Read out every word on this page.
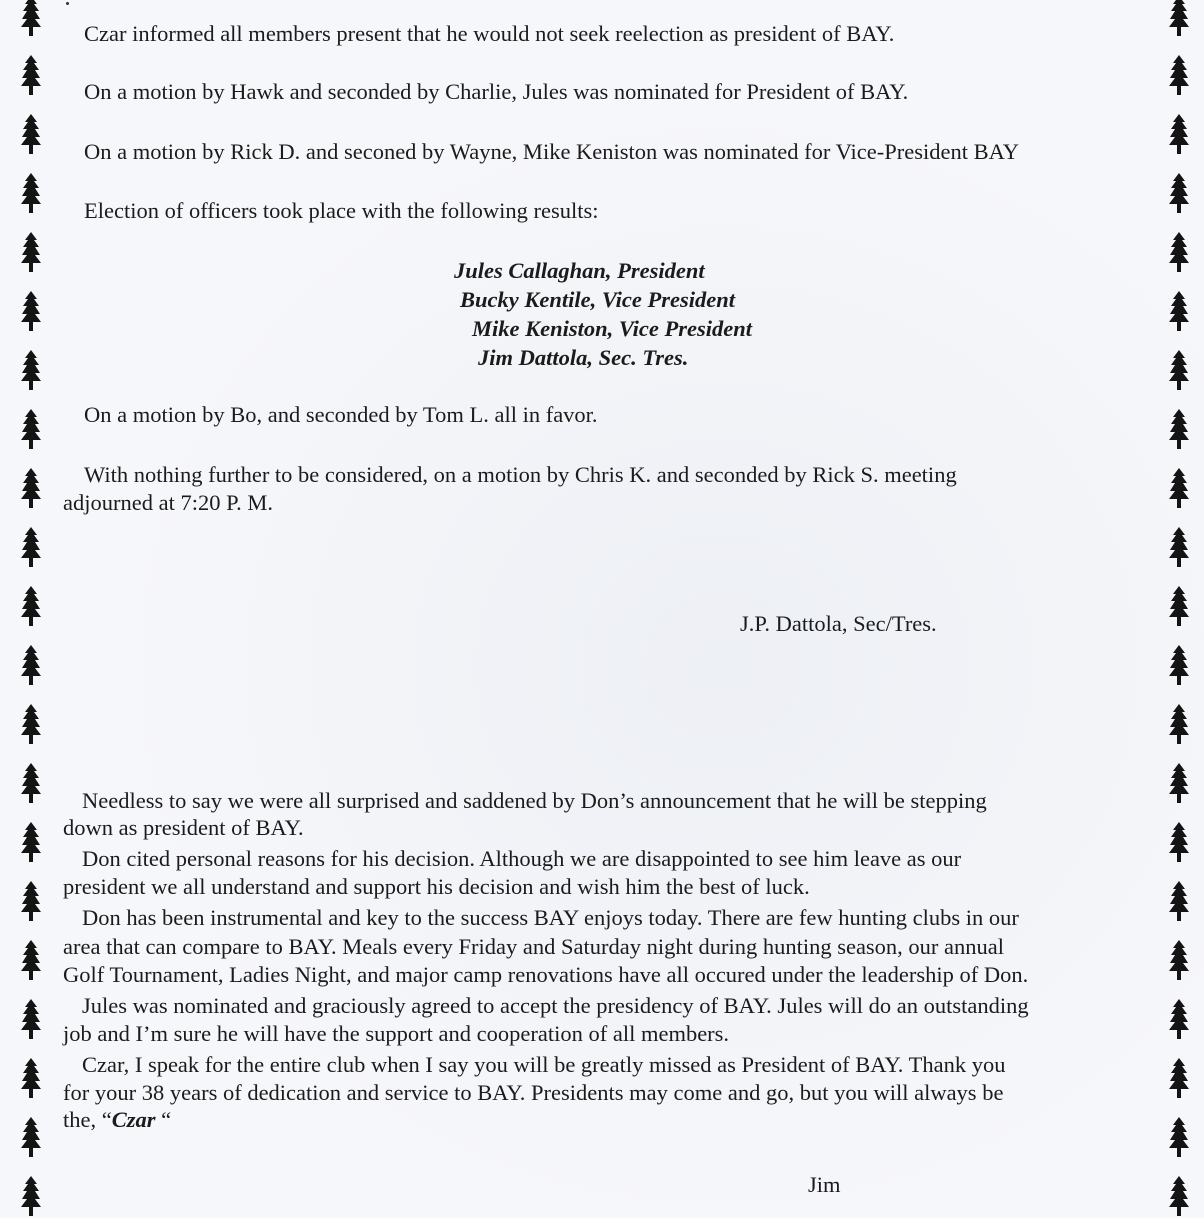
Czar informed all members present that he would not seek reelection as president of BAY.
On a motion by Hawk and seconded by Charlie, Jules was nominated for President of BAY.
On a motion by Rick D. and seconed by Wayne, Mike Keniston was nominated for Vice-President BAY
Election of officers took place with the following results:
Jules Callaghan, President
Bucky Kentile, Vice President
Mike Keniston, Vice President
Jim Dattola, Sec. Tres.
On a motion by Bo, and seconded by Tom L. all in favor.
With nothing further to be considered, on a motion by Chris K. and seconded by Rick S. meeting
adjourned at 7:20 P. M.
J.P. Dattola, Sec/Tres.
Needless to say we were all surprised and saddened by Don’s announcement that he will be stepping
down as president of BAY.
Don cited personal reasons for his decision. Although we are disappointed to see him leave as our
president we all understand and support his decision and wish him the best of luck.
Don has been instrumental and key to the success BAY enjoys today. There are few hunting clubs in our
area that can compare to BAY. Meals every Friday and Saturday night during hunting season, our annual
Golf Tournament, Ladies Night, and major camp renovations have all occured under the leadership of Don.
Jules was nominated and graciously agreed to accept the presidency of BAY. Jules will do an outstanding
job and I’m sure he will have the support and cooperation of all members.
Czar, I speak for the entire club when I say you will be greatly missed as President of BAY. Thank you
for your 38 years of dedication and service to BAY. Presidents may come and go, but you will always be
the, “Czar “
Jim
